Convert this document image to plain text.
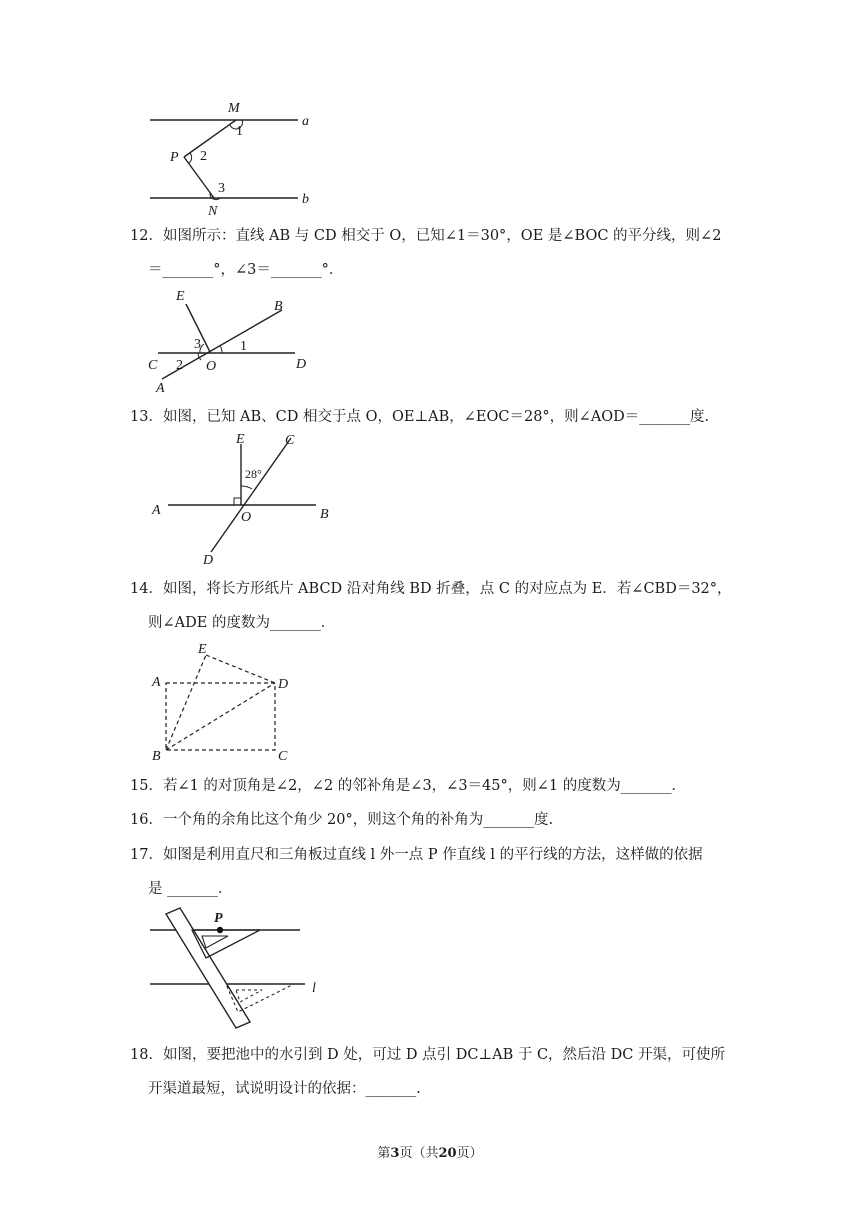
M
a
1
P 2
3
b
N
12．如图所示：直线 AB 与 CD 相交于 O，已知∠1＝30°，OE 是∠BOC 的平分线，则∠2
＝_______°，∠3＝_______°．
E
B
3	1
C 2 O	D
A
13．如图，已知 AB、CD 相交于点 O，OE⊥AB，∠EOC＝28°，则∠AOD＝_______度.
E	C
28°
A	O	B
D
14．如图，将长方形纸片 ABCD 沿对角线 BD 折叠，点 C 的对应点为 E．若∠CBD＝32°，
则∠ADE 的度数为_______．
E
A	D
B	C
15．若∠1 的对顶角是∠2，∠2 的邻补角是∠3，∠3＝45°，则∠1 的度数为_______．
16．一个角的余角比这个角少 20°，则这个角的补角为_______度.
17．如图是利用直尺和三角板过直线 l 外一点 P 作直线 l 的平行线的方法，这样做的依据
是 _______．
P
l
18．如图，要把池中的水引到 D 处，可过 D 点引 DC⊥AB 于 C，然后沿 DC 开渠，可使所
开渠道最短，试说明设计的依据：_______.
第3页（共20页）
